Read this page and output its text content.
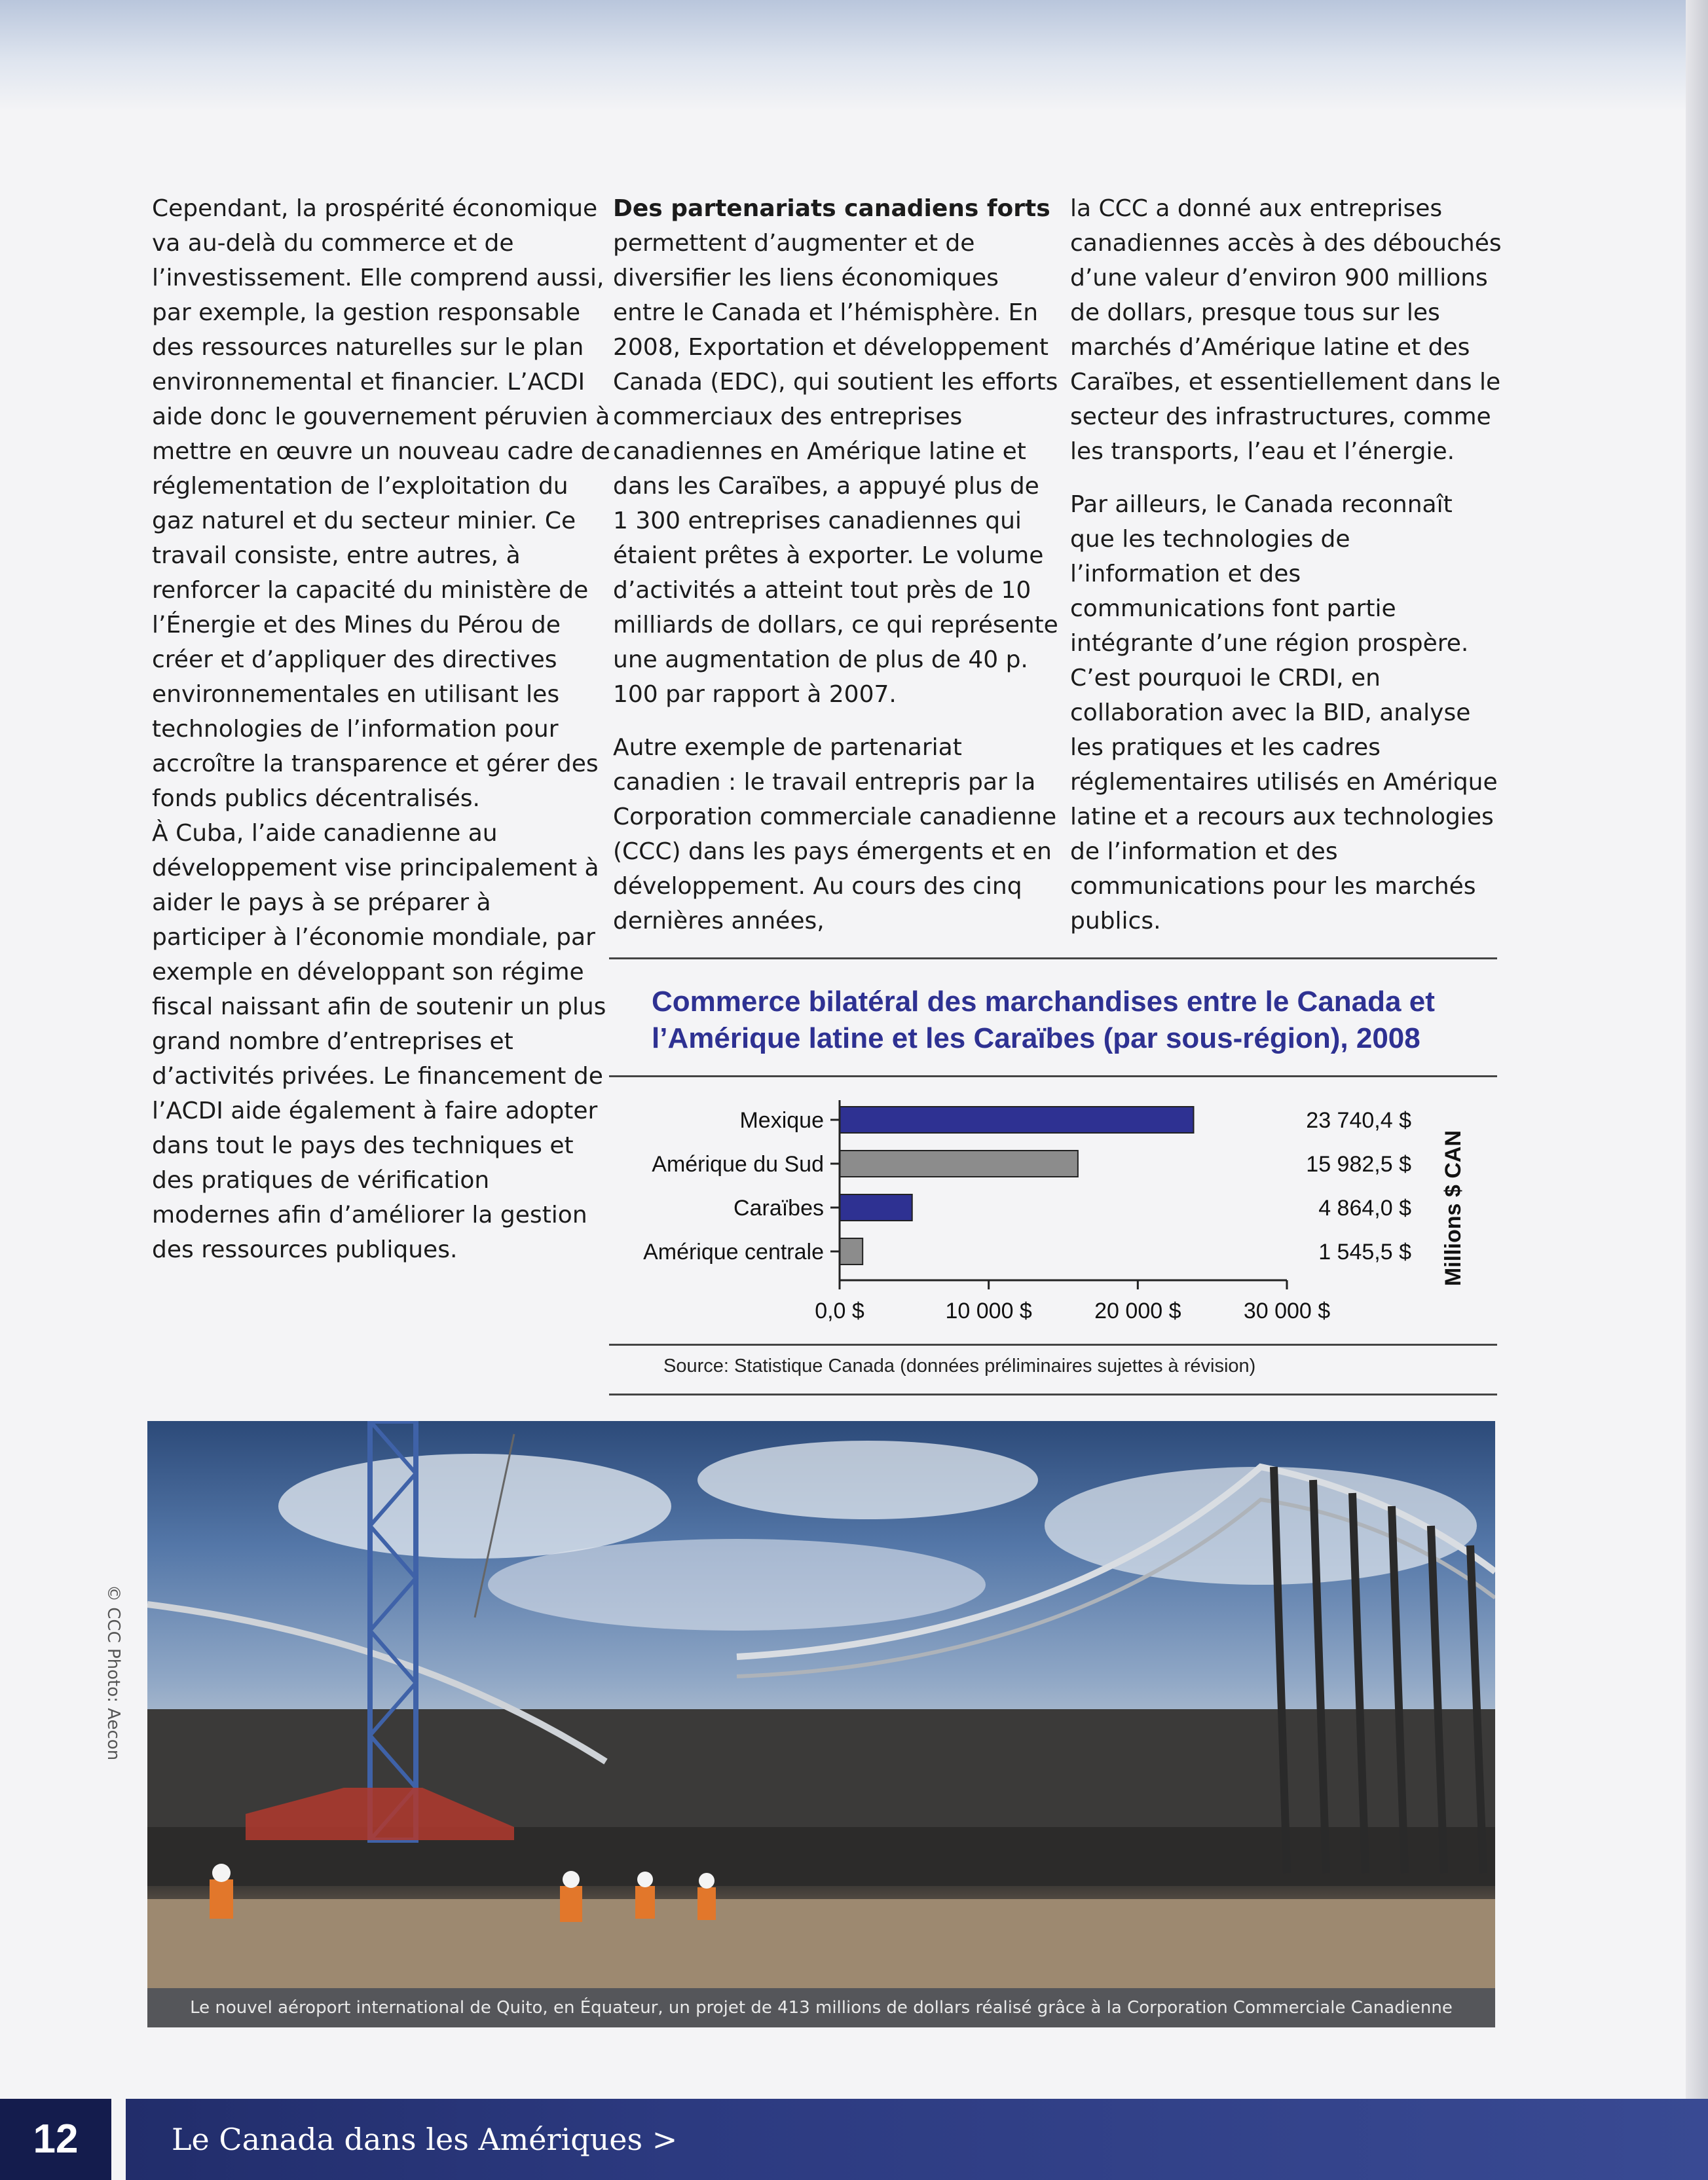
Cependant, la prospérité économique va au-delà du commerce et de l’investissement. Elle comprend aussi, par exemple, la gestion responsable des ressources naturelles sur le plan environnemental et financier. L’ACDI aide donc le gouvernement péruvien à mettre en œuvre un nouveau cadre de réglementation de l’exploitation du gaz naturel et du secteur minier. Ce travail consiste, entre autres, à renforcer la capacité du ministère de l’Énergie et des Mines du Pérou de créer et d’appliquer des directives environnementales en utilisant les technologies de l’information pour accroître la transparence et gérer des fonds publics décentralisés.

À Cuba, l’aide canadienne au développement vise principalement à aider le pays à se préparer à participer à l’économie mondiale, par exemple en développant son régime fiscal naissant afin de soutenir un plus grand nombre d’entreprises et d’activités privées. Le financement de l’ACDI aide également à faire adopter dans tout le pays des techniques et des pratiques de vérification modernes afin d’améliorer la gestion des ressources publiques.

Des partenariats canadiens forts permettent d’augmenter et de diversifier les liens économiques entre le Canada et l’hémisphère. En 2008, Exportation et développement Canada (EDC), qui soutient les efforts commerciaux des entreprises canadiennes en Amérique latine et dans les Caraïbes, a appuyé plus de 1 300 entreprises canadiennes qui étaient prêtes à exporter. Le volume d’activités a atteint tout près de 10 milliards de dollars, ce qui représente une augmentation de plus de 40 p. 100 par rapport à 2007.

Autre exemple de partenariat canadien : le travail entrepris par la Corporation commerciale canadienne (CCC) dans les pays émergents et en développement. Au cours des cinq dernières années,

la CCC a donné aux entreprises canadiennes accès à des débouchés d’une valeur d’environ 900 millions de dollars, presque tous sur les marchés d’Amérique latine et des Caraïbes, et essentiellement dans le secteur des infrastructures, comme les transports, l’eau et l’énergie.

Par ailleurs, le Canada reconnaît que les technologies de l’information et des communications font partie intégrante d’une région prospère. C’est pourquoi le CRDI, en collaboration avec la BID, analyse les pratiques et les cadres réglementaires utilisés en Amérique latine et a recours aux technologies de l’information et des communications pour les marchés publics.

Commerce bilatéral des marchandises entre le Canada et l’Amérique latine et les Caraïbes (par sous-région), 2008
Mexique	23 740,4 $
Amérique du Sud	15 982,5 $
Caraïbes	4 864,0 $
Amérique centrale	1 545,5 $
0,0 $	10 000 $	20 000 $	30 000 $
Millions $ CAN
Source: Statistique Canada (données préliminaires sujettes à révision)
© CCC Photo: Aecon
Le nouvel aéroport international de Quito, en Équateur, un projet de 413 millions de dollars réalisé grâce à la Corporation Commerciale Canadienne
12	Le Canada dans les Amériques >
